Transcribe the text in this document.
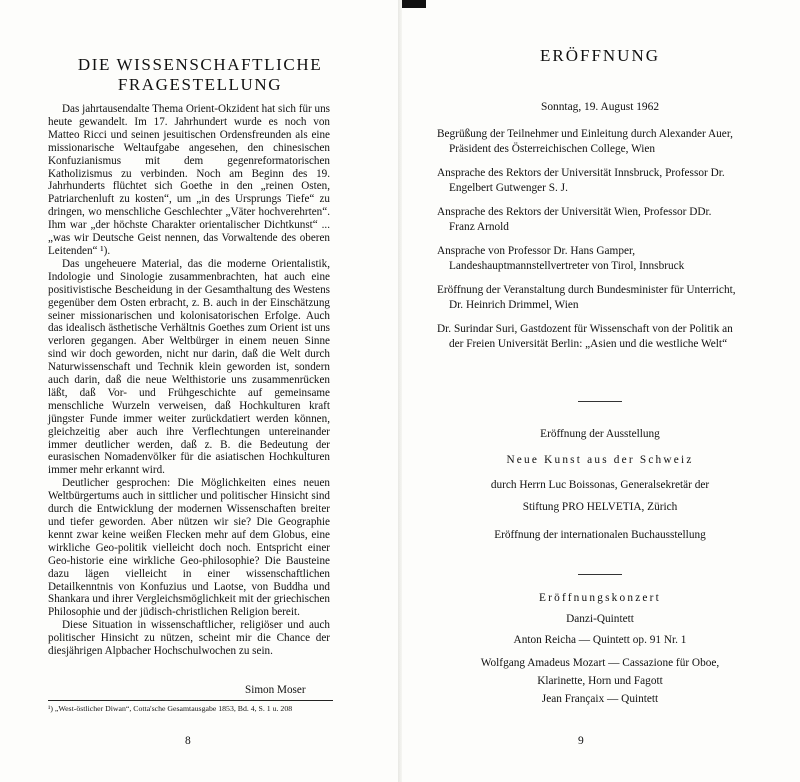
DIE WISSENSCHAFTLICHE
FRAGESTELLUNG

Das jahrtausendalte Thema Orient-Okzident hat sich für uns heute gewandelt. Im 17. Jahrhundert wurde es noch von Matteo Ricci und seinen jesuitischen Ordensfreunden als eine missionarische Weltaufgabe angesehen, den chinesischen Konfuzianismus mit dem gegenreformatorischen Katholizismus zu verbinden. Noch am Beginn des 19. Jahrhunderts flüchtet sich Goethe in den „reinen Osten, Patriarchenluft zu kosten“, um „in des Ursprungs Tiefe“ zu dringen, wo menschliche Geschlechter „Väter hochverehrten“. Ihm war „der höchste Charakter orientalischer Dichtkunst“ ... „was wir Deutsche Geist nennen, das Vorwaltende des oberen Leitenden“ ¹).

Das ungeheuere Material, das die moderne Orientalistik, Indologie und Sinologie zusammenbrachten, hat auch eine positivistische Bescheidung in der Gesamthaltung des Westens gegenüber dem Osten erbracht, z. B. auch in der Einschätzung seiner missionarischen und kolonisatorischen Erfolge. Auch das idealisch ästhetische Verhältnis Goethes zum Orient ist uns verloren gegangen. Aber Weltbürger in einem neuen Sinne sind wir doch geworden, nicht nur darin, daß die Welt durch Naturwissenschaft und Technik klein geworden ist, sondern auch darin, daß die neue Welthistorie uns zusammenrücken läßt, daß Vor- und Frühgeschichte auf gemeinsame menschliche Wurzeln verweisen, daß Hochkulturen kraft jüngster Funde immer weiter zurückdatiert werden können, gleichzeitig aber auch ihre Verflechtungen untereinander immer deutlicher werden, daß z. B. die Bedeutung der eurasischen Nomadenvölker für die asiatischen Hochkulturen immer mehr erkannt wird.

Deutlicher gesprochen: Die Möglichkeiten eines neuen Weltbürgertums auch in sittlicher und politischer Hinsicht sind durch die Entwicklung der modernen Wissenschaften breiter und tiefer geworden. Aber nützen wir sie? Die Geographie kennt zwar keine weißen Flecken mehr auf dem Globus, eine wirkliche Geo-politik vielleicht doch noch. Entspricht einer Geo-historie eine wirkliche Geo-philosophie? Die Bausteine dazu lägen vielleicht in einer wissenschaftlichen Detailkenntnis von Konfuzius und Laotse, von Buddha und Shankara und ihrer Vergleichsmöglichkeit mit der griechischen Philosophie und der jüdisch-christlichen Religion bereit.

Diese Situation in wissenschaftlicher, religiöser und auch politischer Hinsicht zu nützen, scheint mir die Chance der diesjährigen Alpbacher Hochschulwochen zu sein.

Simon Moser
¹) „West-östlicher Diwan“, Cotta'sche Gesamtausgabe 1853, Bd. 4, S. 1 u. 208
8
ERÖFFNUNG
Sonntag, 19. August 1962
Begrüßung der Teilnehmer und Einleitung durch Alexander Auer, Präsident des Österreichischen College, Wien
Ansprache des Rektors der Universität Innsbruck, Professor Dr. Engelbert Gutwenger S. J.
Ansprache des Rektors der Universität Wien, Professor DDr. Franz Arnold
Ansprache von Professor Dr. Hans Gamper, Landeshauptmannstellvertreter von Tirol, Innsbruck
Eröffnung der Veranstaltung durch Bundesminister für Unterricht, Dr. Heinrich Drimmel, Wien
Dr. Surindar Suri, Gastdozent für Wissenschaft von der Politik an der Freien Universität Berlin: „Asien und die westliche Welt“
Eröffnung der Ausstellung
Neue Kunst aus der Schweiz
durch Herrn Luc Boissonas, Generalsekretär der
Stiftung PRO HELVETIA, Zürich
Eröffnung der internationalen Buchausstellung
Eröffnungskonzert
Danzi-Quintett
Anton Reicha — Quintett op. 91 Nr. 1
Wolfgang Amadeus Mozart — Cassazione für Oboe,
Klarinette, Horn und Fagott
Jean Françaix — Quintett
9
